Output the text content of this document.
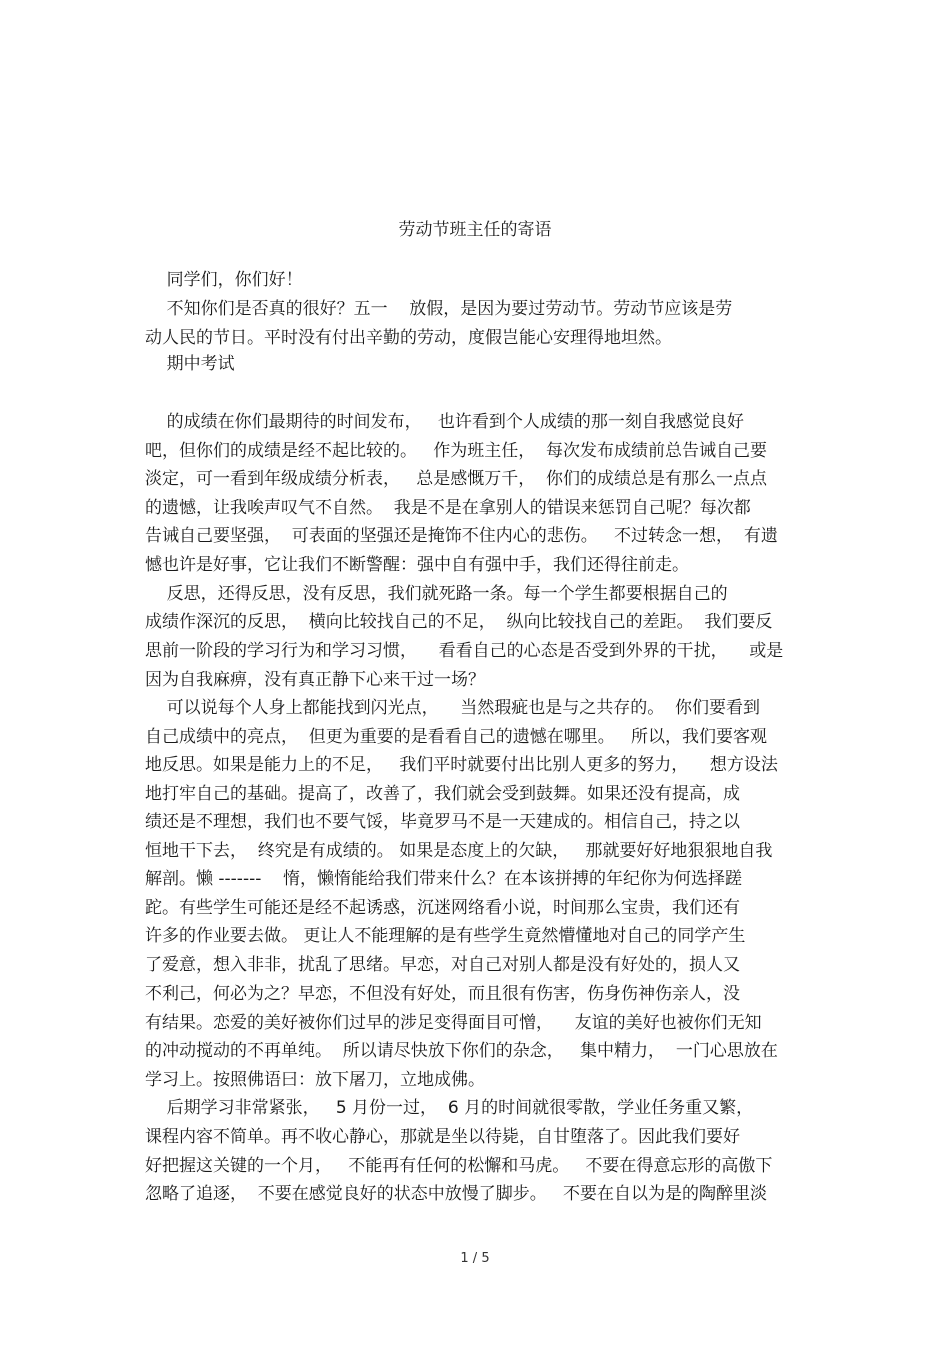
劳动节班主任的寄语
同学们，你们好！
不知你们是否真的很好？五一    放假，是因为要过劳动节。劳动节应该是劳
动人民的节日。平时没有付出辛勤的劳动，度假岂能心安理得地坦然。
期中考试
的成绩在你们最期待的时间发布，   也许看到个人成绩的那一刻自我感觉良好
吧，但你们的成绩是经不起比较的。   作为班主任，  每次发布成绩前总告诫自己要
淡定，可一看到年级成绩分析表，   总是感慨万千，  你们的成绩总是有那么一点点
的遗憾，让我唉声叹气不自然。  我是不是在拿别人的错误来惩罚自己呢？每次都
告诫自己要坚强，  可表面的坚强还是掩饰不住内心的悲伤。   不过转念一想，  有遗
憾也许是好事，它让我们不断警醒：强中自有强中手，我们还得往前走。
反思，还得反思，没有反思，我们就死路一条。每一个学生都要根据自己的
成绩作深沉的反思，  横向比较找自己的不足，  纵向比较找自己的差距。  我们要反
思前一阶段的学习行为和学习习惯，    看看自己的心态是否受到外界的干扰，    或是
因为自我麻痹，没有真正静下心来干过一场？
可以说每个人身上都能找到闪光点，    当然瑕疵也是与之共存的。  你们要看到
自己成绩中的亮点，  但更为重要的是看看自己的遗憾在哪里。   所以，我们要客观
地反思。如果是能力上的不足，   我们平时就要付出比别人更多的努力，    想方设法
地打牢自己的基础。提高了，改善了，我们就会受到鼓舞。如果还没有提高，成
绩还是不理想，我们也不要气馁，毕竟罗马不是一天建成的。相信自己，持之以
恒地干下去，  终究是有成绩的。 如果是态度上的欠缺，   那就要好好地狠狠地自我
解剖。懒 -------    惰，懒惰能给我们带来什么？在本该拼搏的年纪你为何选择蹉
跎。有些学生可能还是经不起诱惑，沉迷网络看小说，时间那么宝贵，我们还有
许多的作业要去做。 更让人不能理解的是有些学生竟然懵懂地对自己的同学产生
了爱意，想入非非，扰乱了思绪。早恋，对自己对别人都是没有好处的，损人又
不利己，何必为之？早恋，不但没有好处，而且很有伤害，伤身伤神伤亲人，没
有结果。恋爱的美好被你们过早的涉足变得面目可憎，    友谊的美好也被你们无知
的冲动搅动的不再单纯。  所以请尽快放下你们的杂念，   集中精力，  一门心思放在
学习上。按照佛语曰：放下屠刀，立地成佛。
后期学习非常紧张，   5 月份一过，  6 月的时间就很零散，学业任务重又繁，
课程内容不简单。再不收心静心，那就是坐以待毙，自甘堕落了。因此我们要好
好把握这关键的一个月，   不能再有任何的松懈和马虎。   不要在得意忘形的高傲下
忽略了追逐，  不要在感觉良好的状态中放慢了脚步。   不要在自以为是的陶醉里淡
1 / 5
